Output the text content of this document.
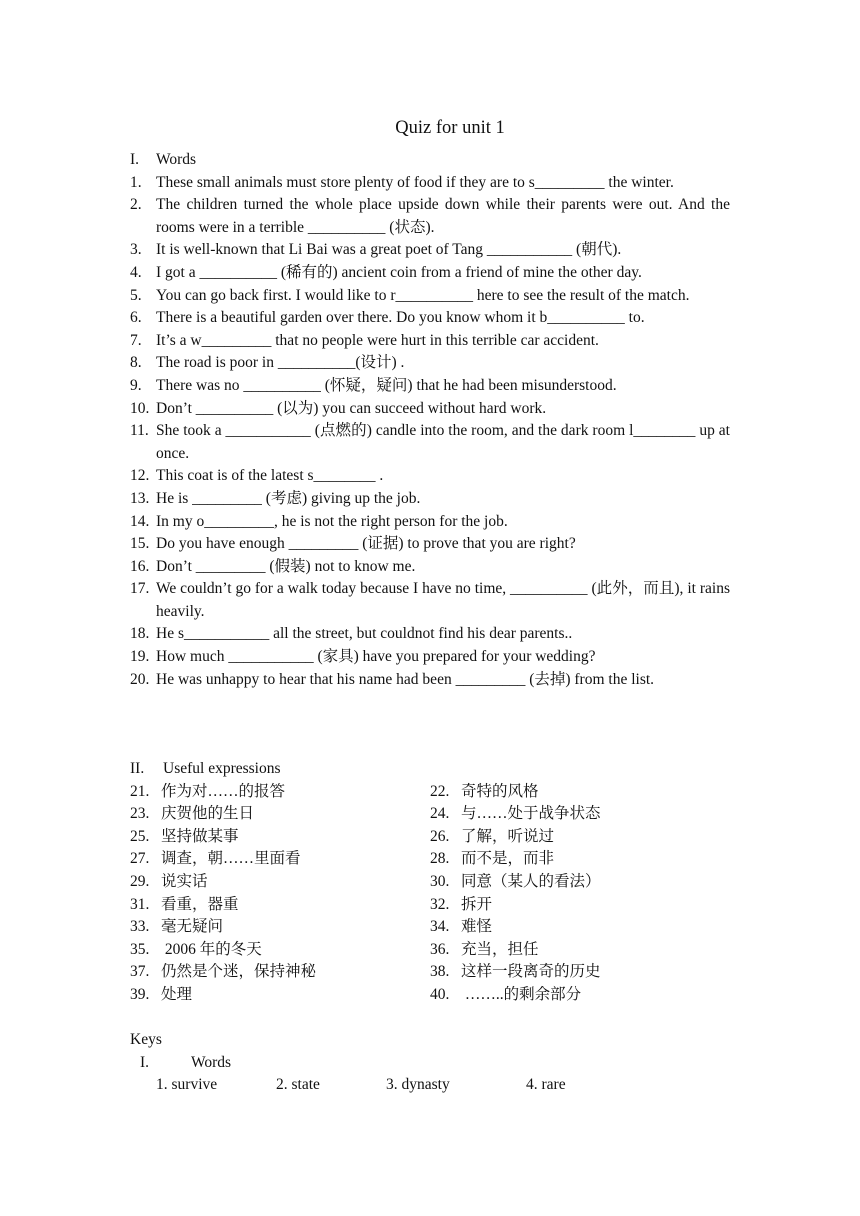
Quiz for unit 1
I.	Words
1. These small animals must store plenty of food if they are to s_________ the winter.
2. The children turned the whole place upside down while their parents were out. And the rooms were in a terrible __________ (状态).
3. It is well-known that Li Bai was a great poet of Tang ___________ (朝代).
4. I got a __________ (稀有的) ancient coin from a friend of mine the other day.
5. You can go back first. I would like to r__________ here to see the result of the match.
6. There is a beautiful garden over there. Do you know whom it b__________ to.
7. It’s a w_________ that no people were hurt in this terrible car accident.
8. The road is poor in __________(设计) .
9. There was no __________ (怀疑，疑问) that he had been misunderstood.
10. Don’t __________ (以为) you can succeed without hard work.
11. She took a ___________ (点燃的) candle into the room, and the dark room l________ up at once.
12. This coat is of the latest s________ .
13. He is _________ (考虑) giving up the job.
14. In my o_________, he is not the right person for the job.
15. Do you have enough _________ (证据) to prove that you are right?
16. Don’t _________ (假装) not to know me.
17. We couldn’t go for a walk today because I have no time, __________ (此外，而且), it rains heavily.
18. He s___________ all the street, but couldnot find his dear parents..
19. How much ___________ (家具) have you prepared for your wedding?
20. He was unhappy to hear that his name had been _________ (去掉) from the list.
II.	Useful expressions
21. 作为对……的报答	22. 奇特的风格
23. 庆贺他的生日	24. 与……处于战争状态
25. 坚持做某事	26. 了解，听说过
27. 调查，朝……里面看	28. 而不是，而非
29. 说实话	30. 同意（某人的看法）
31. 看重，器重	32. 拆开
33. 毫无疑问	34. 难怪
35. 2006 年的冬天	36. 充当，担任
37. 仍然是个迷，保持神秘	38. 这样一段离奇的历史
39. 处理	40. ……..的剩余部分
Keys
I.	Words
1. survive	2. state	3. dynasty	4. rare
